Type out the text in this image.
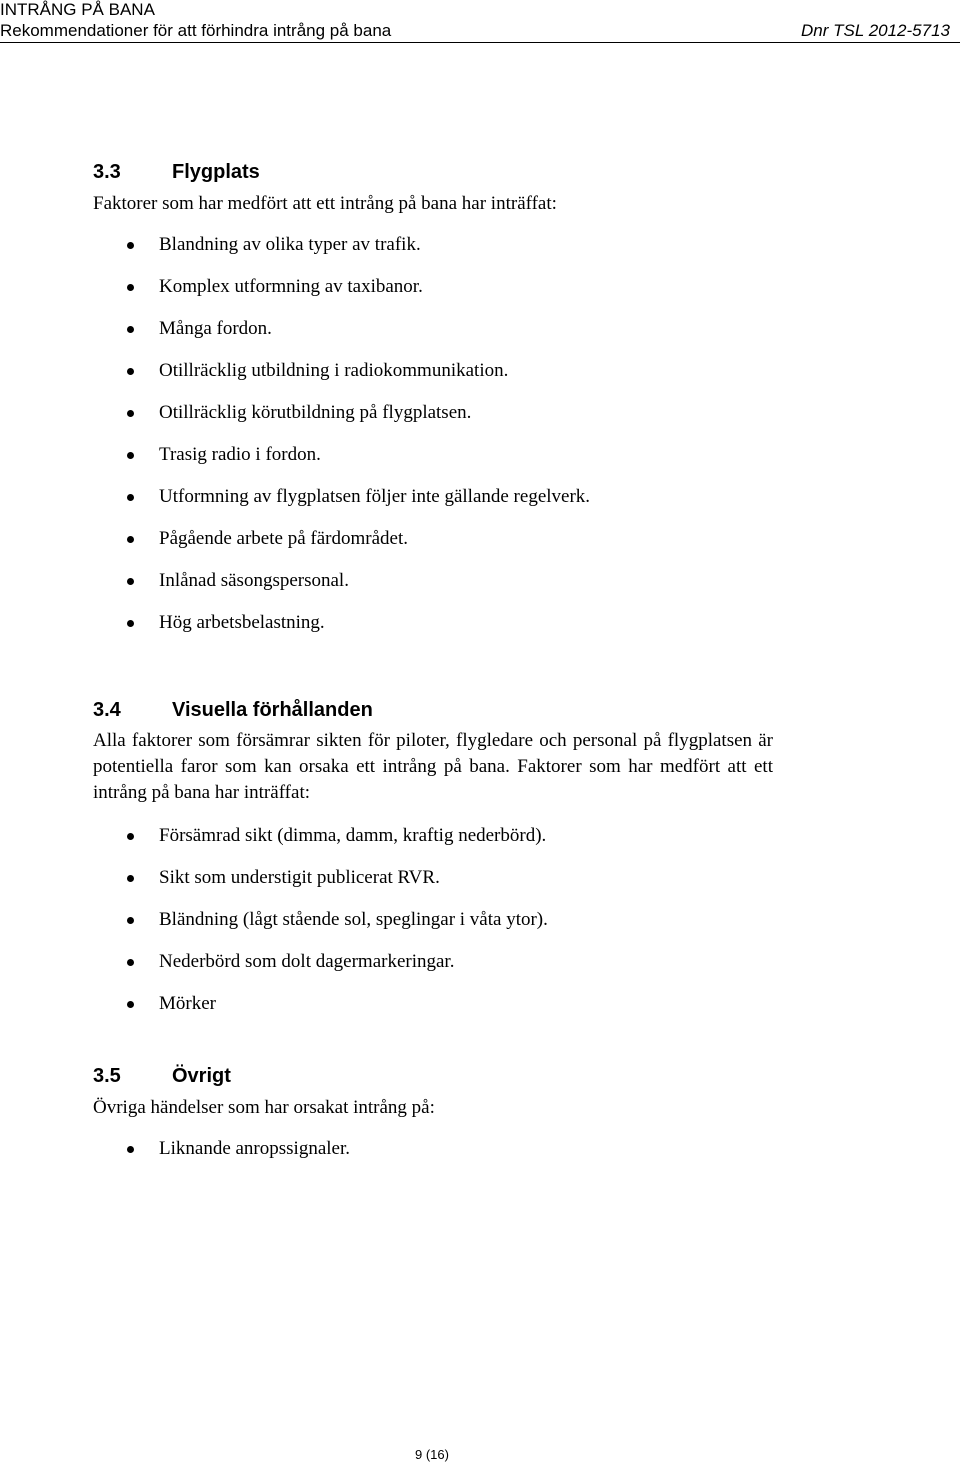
INTRÅNG PÅ BANA
Rekommendationer för att förhindra intrång på bana	Dnr TSL 2012-5713
3.3	Flygplats
Faktorer som har medfört att ett intrång på bana har inträffat:
Blandning av olika typer av trafik.
Komplex utformning av taxibanor.
Många fordon.
Otillräcklig utbildning i radiokommunikation.
Otillräcklig körutbildning på flygplatsen.
Trasig radio i fordon.
Utformning av flygplatsen följer inte gällande regelverk.
Pågående arbete på färdområdet.
Inlånad säsongspersonal.
Hög arbetsbelastning.
3.4	Visuella förhållanden
Alla faktorer som försämrar sikten för piloter, flygledare och personal på flygplatsen är potentiella faror som kan orsaka ett intrång på bana. Faktorer som har medfört att ett intrång på bana har inträffat:
Försämrad sikt (dimma, damm, kraftig nederbörd).
Sikt som understigit publicerat RVR.
Bländning (lågt stående sol, speglingar i våta ytor).
Nederbörd som dolt dagermarkeringar.
Mörker
3.5	Övrigt
Övriga händelser som har orsakat intrång på:
Liknande anropssignaler.
9 (16)
